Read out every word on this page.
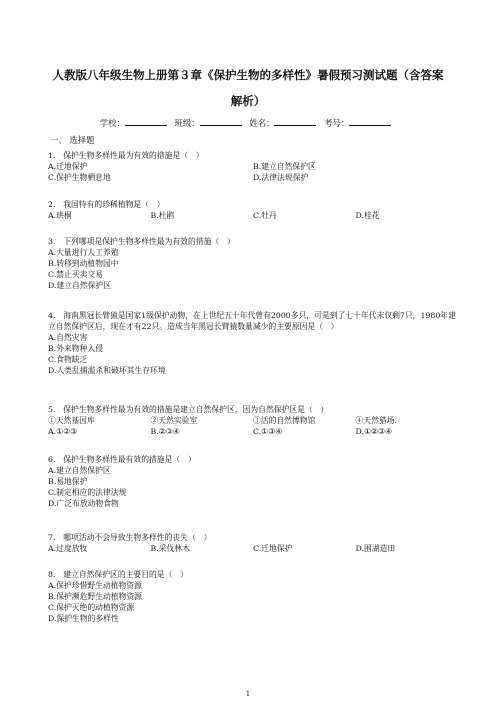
人教版八年级生物上册第３章《保护生物的多样性》暑假预习测试题（含答案
解析）
学校：	班级：	姓名：	考号：
一、 选择题
1.　保护生物多样性最为有效的措施是（　）
A.迁地保护	B.建立自然保护区
C.保护生物栖息地	D.法律法规保护
2.　我国特有的珍稀植物是（　）
A.珙桐	B.杜鹃	C.牡丹	D.桂花
3.　下列哪项是保护生物多样性最为有效的措施（　）
A.大量进行人工养殖
B.转移到动植物园中
C.禁止买卖交易
D.建立自然保护区
4.　海南黑冠长臂猿是国家1级保护动物，在上世纪五十年代曾有2000多只，可是到了七十年代末仅剩7只，1980年建立自然保护区后，现在才有22只。造成当年黑冠长臂猿数量减少的主要原因是（　）
A.自然灾害
B.外来物种入侵
C.食物缺乏
D.人类乱捕滥杀和破坏其生存环境
5.　保护生物多样性最为有效的措施是建立自然保护区，因为自然保护区是（　）
①天然基因库	②天然实验室	③活的自然博物馆	④天然猎场.
A.①②③	B.②③④	C.①③④	D.①②③④
6.　保护生物多样性最有效的措施是（　）
A.建立自然保护区
B.易地保护
C.制定相应的法律法规
D.广泛布放动物食物
7.　哪项活动不会导致生物多样性的丧失（　）
A.过度放牧	B.采伐林木	C.迁地保护	D.围湖造田
8.　建立自然保护区的主要目的是（　）
A.保护珍惜野生动植物资源
B.保护濒危野生动植物资源
C.保护灭绝的动植物资源
D.保护生物的多样性
1
